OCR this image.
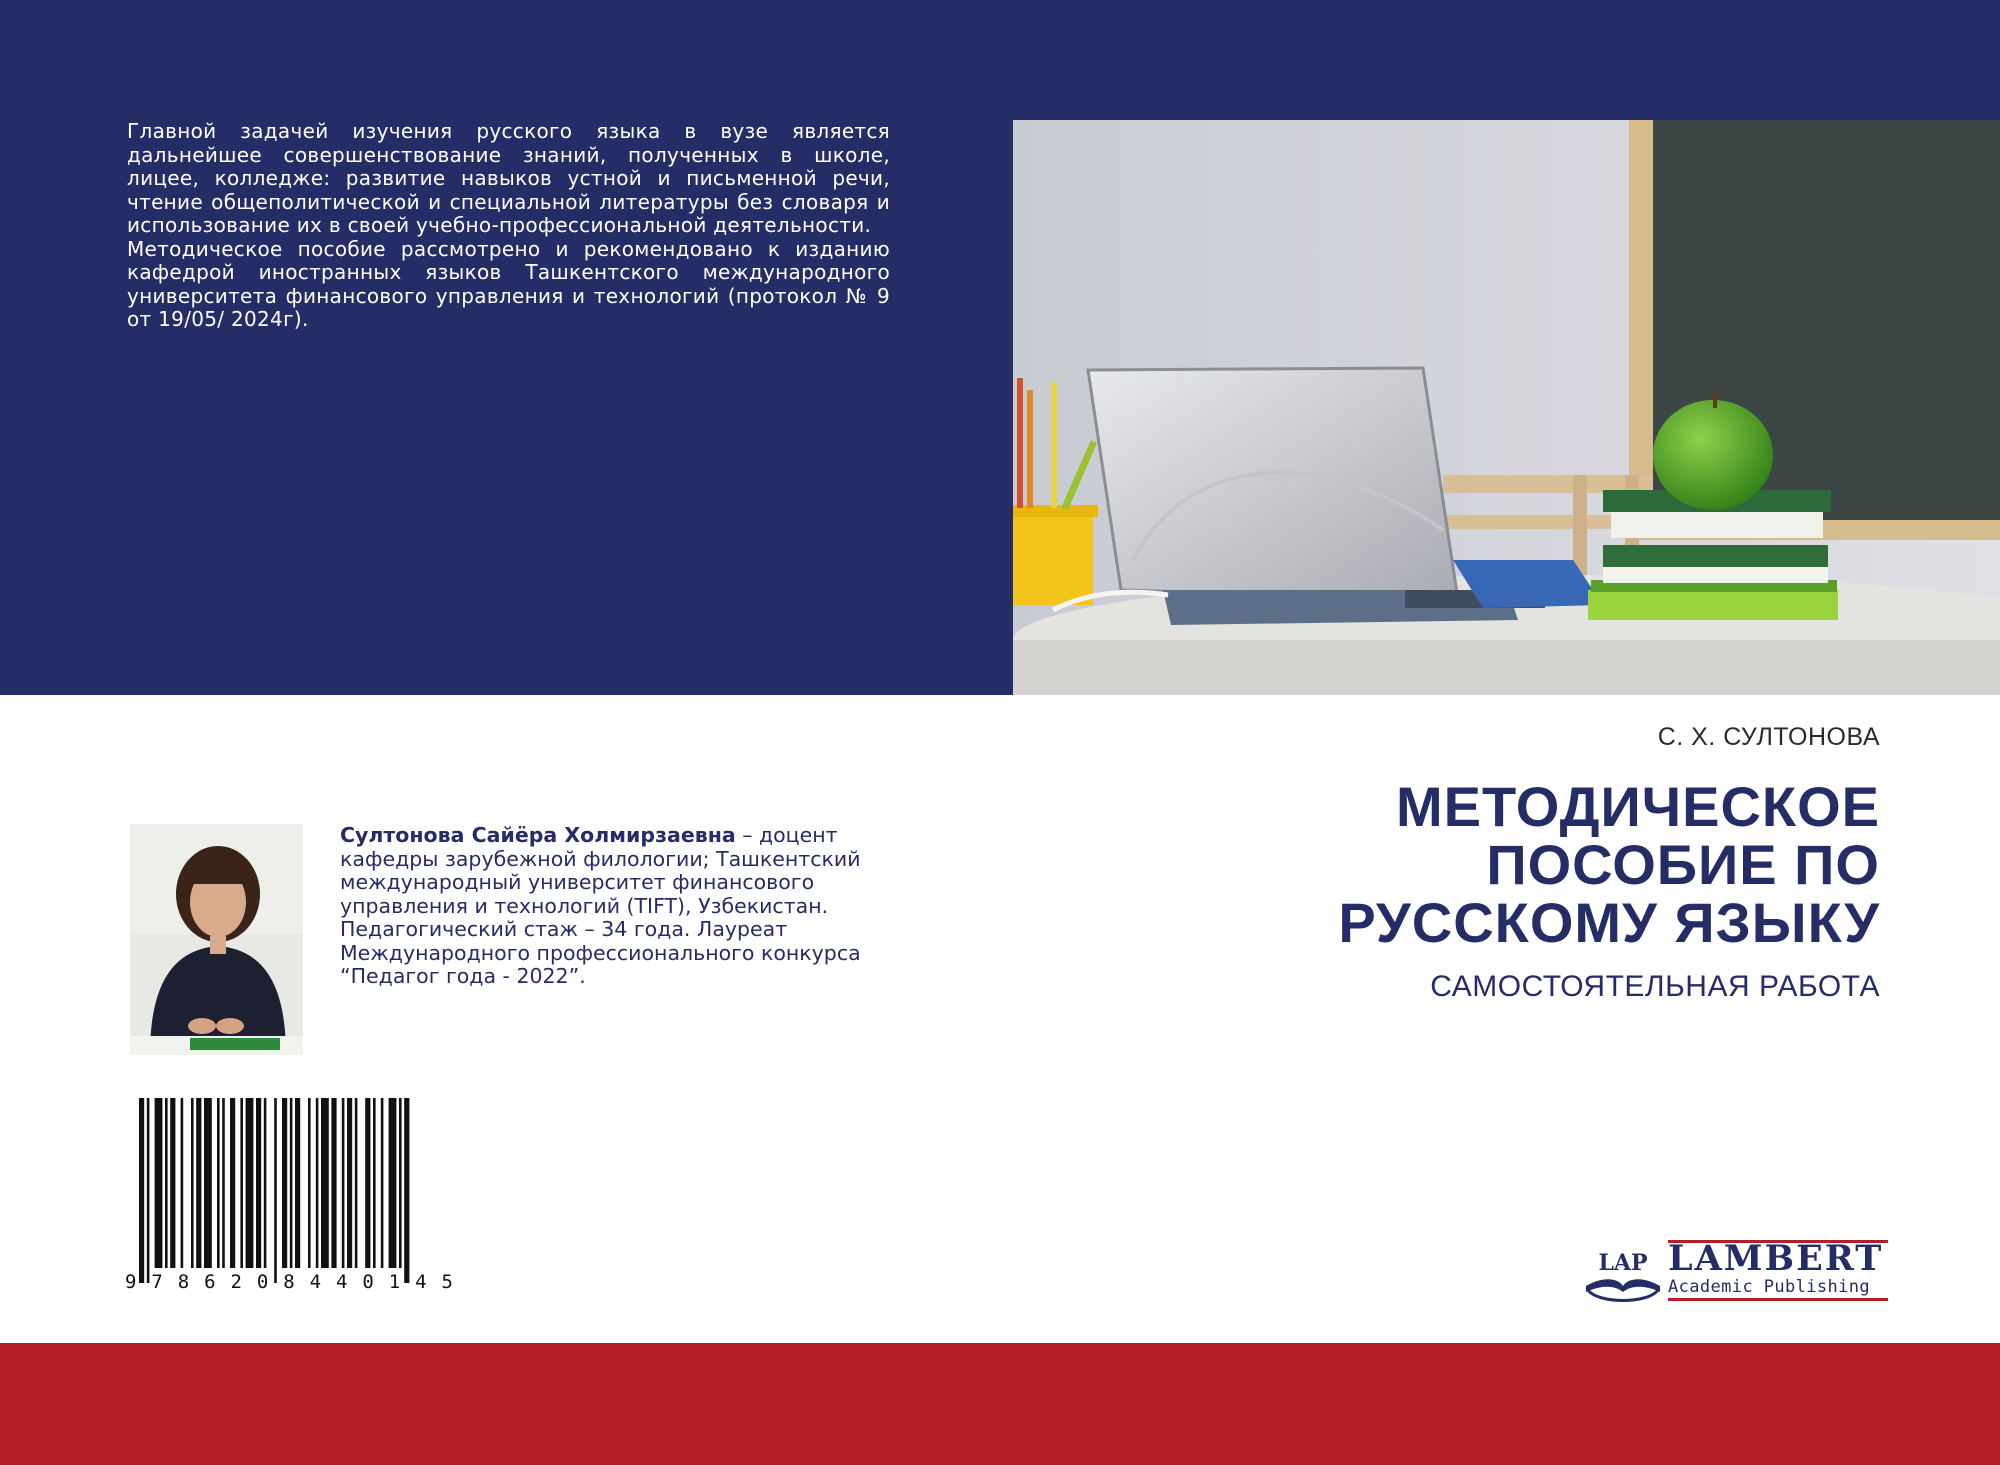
Главной задачей изучения русского языка в вузе является дальнейшее совершенствование знаний, полученных в школе, лицее, колледже: развитие навыков устной и письменной речи, чтение общеполитической и специальной литературы без словаря и использование их в своей учебно-профессиональной деятельности.

Методическое пособие рассмотрено и рекомендовано к изданию кафедрой иностранных языков Ташкентского международного университета финансового управления и технологий (протокол № 9 от 19/05/ 2024г).

С. Х. СУЛТОНОВА
МЕТОДИЧЕСКОЕ
ПОСОБИЕ ПО
РУССКОМУ ЯЗЫКУ
САМОСТОЯТЕЛЬНАЯ РАБОТА
Султонова Сайёра Холмирзаевна – доцент кафедры зарубежной филологии; Ташкентский международный университет финансового управления и технологий (TIFT), Узбекистан. Педагогический стаж – 34 года. Лауреат Международного профессионального конкурса “Педагог года - 2022”.
9 7 8 6 2 0 8 4 4 0 1 4 5
LAP LAMBERT
Academic Publishing
